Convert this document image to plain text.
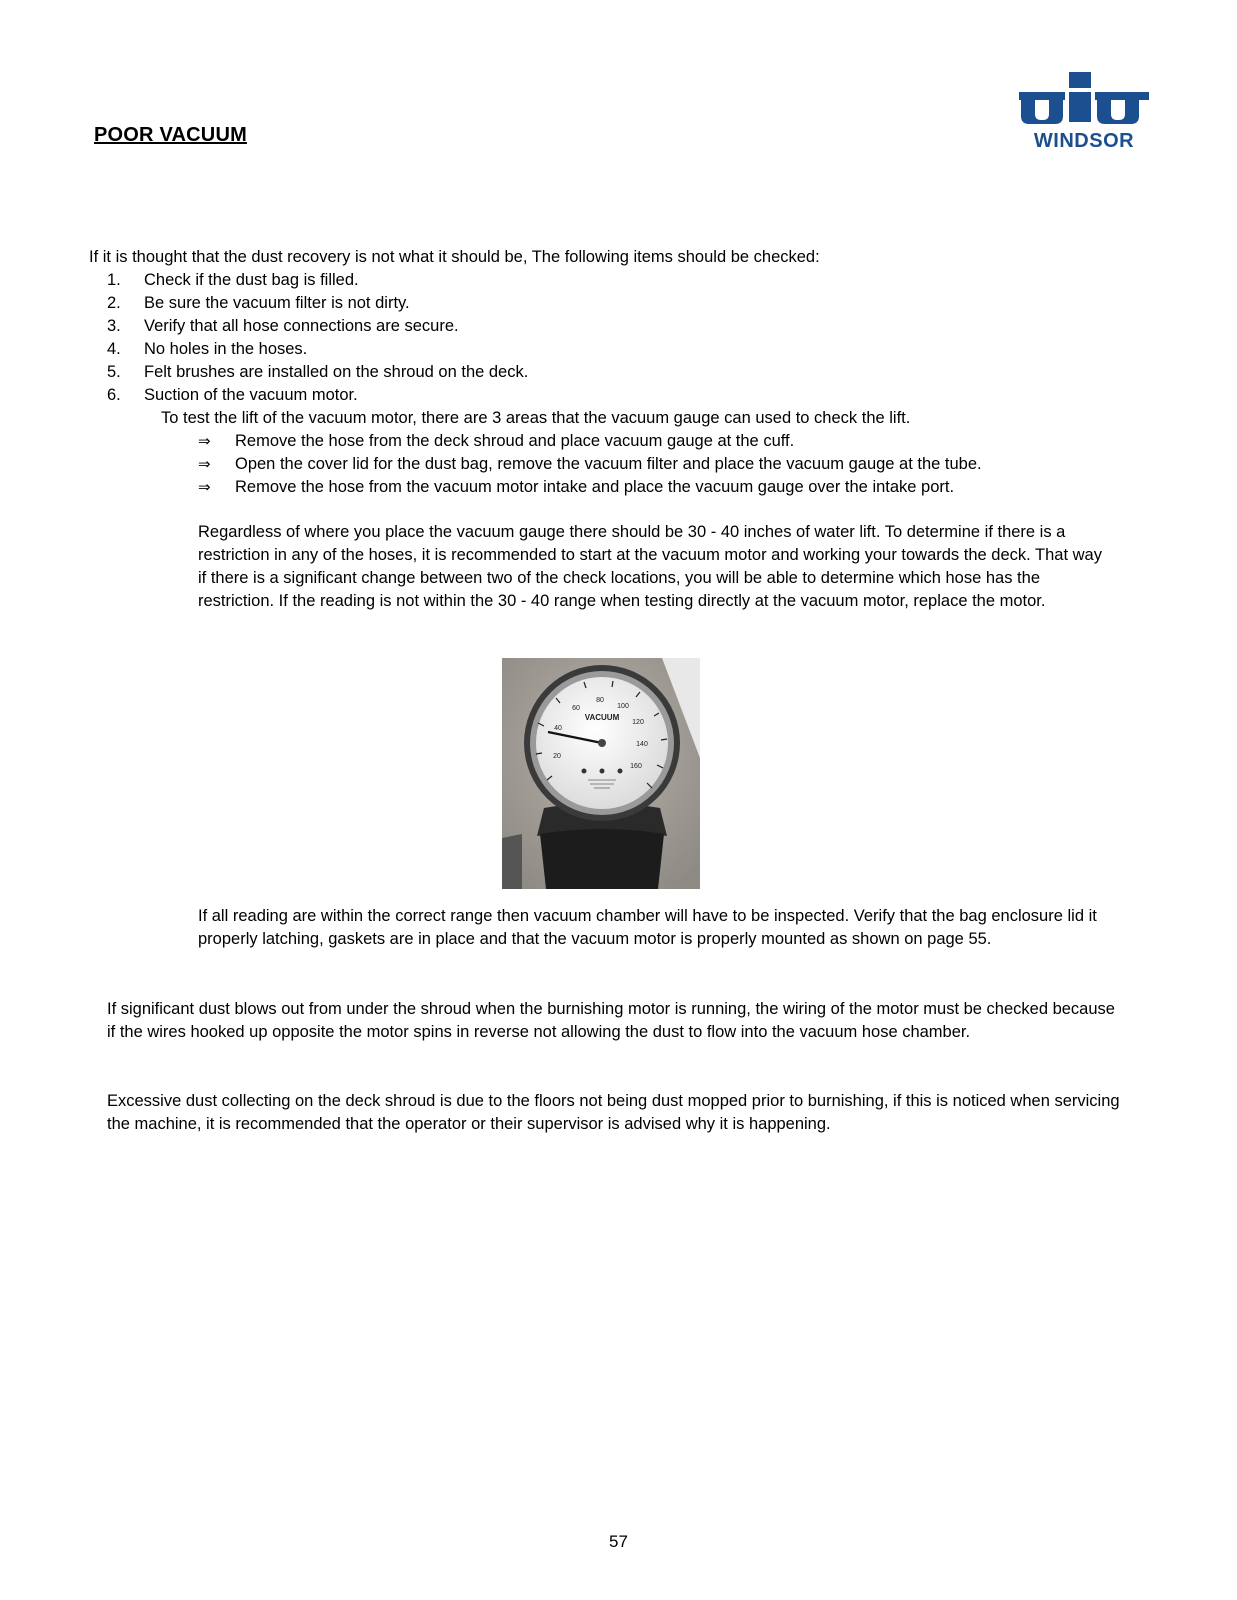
POOR VACUUM	WINDSOR
If it is thought that the dust recovery is not what it should be, The following items should be checked:
1.	Check if the dust bag is filled.
2.	Be sure the vacuum filter is not dirty.
3.	Verify that all hose connections are secure.
4.	No holes in the hoses.
5.	Felt brushes are installed on the shroud on the deck.
6.	Suction of the vacuum motor.
To test the lift of the vacuum motor, there are 3 areas that the vacuum gauge can used to check the lift.
⇒ Remove the hose from the deck shroud and place vacuum gauge at the cuff.
⇒ Open the cover lid for the dust bag, remove the vacuum filter and place the vacuum gauge at the tube.
⇒ Remove the hose from the vacuum motor intake and place the vacuum gauge over the intake port.
Regardless of where you place the vacuum gauge there should be 30 - 40 inches of water lift. To determine if there is a restriction in any of the hoses, it is recommended to start at the vacuum motor and working your towards the deck. That way if there is a significant change between two of the check locations, you will be able to determine which hose has the restriction. If the reading is not within the 30 - 40 range when testing directly at the vacuum motor, replace the motor.
20
40
60
80
100
120
140
160
VACUUM
If all reading are within the correct range then vacuum chamber will have to be inspected. Verify that the bag enclosure lid it properly latching, gaskets are in place and that the vacuum motor is properly mounted as shown on page 55.
If significant dust blows out from under the shroud when the burnishing motor is running, the wiring of the motor must be checked because if the wires hooked up opposite the motor spins in reverse not allowing the dust to flow into the vacuum hose chamber.
Excessive dust collecting on the deck shroud is due to the floors not being dust mopped prior to burnishing, if this is noticed when servicing the machine, it is recommended that the operator or their supervisor is advised why it is happening.
57
